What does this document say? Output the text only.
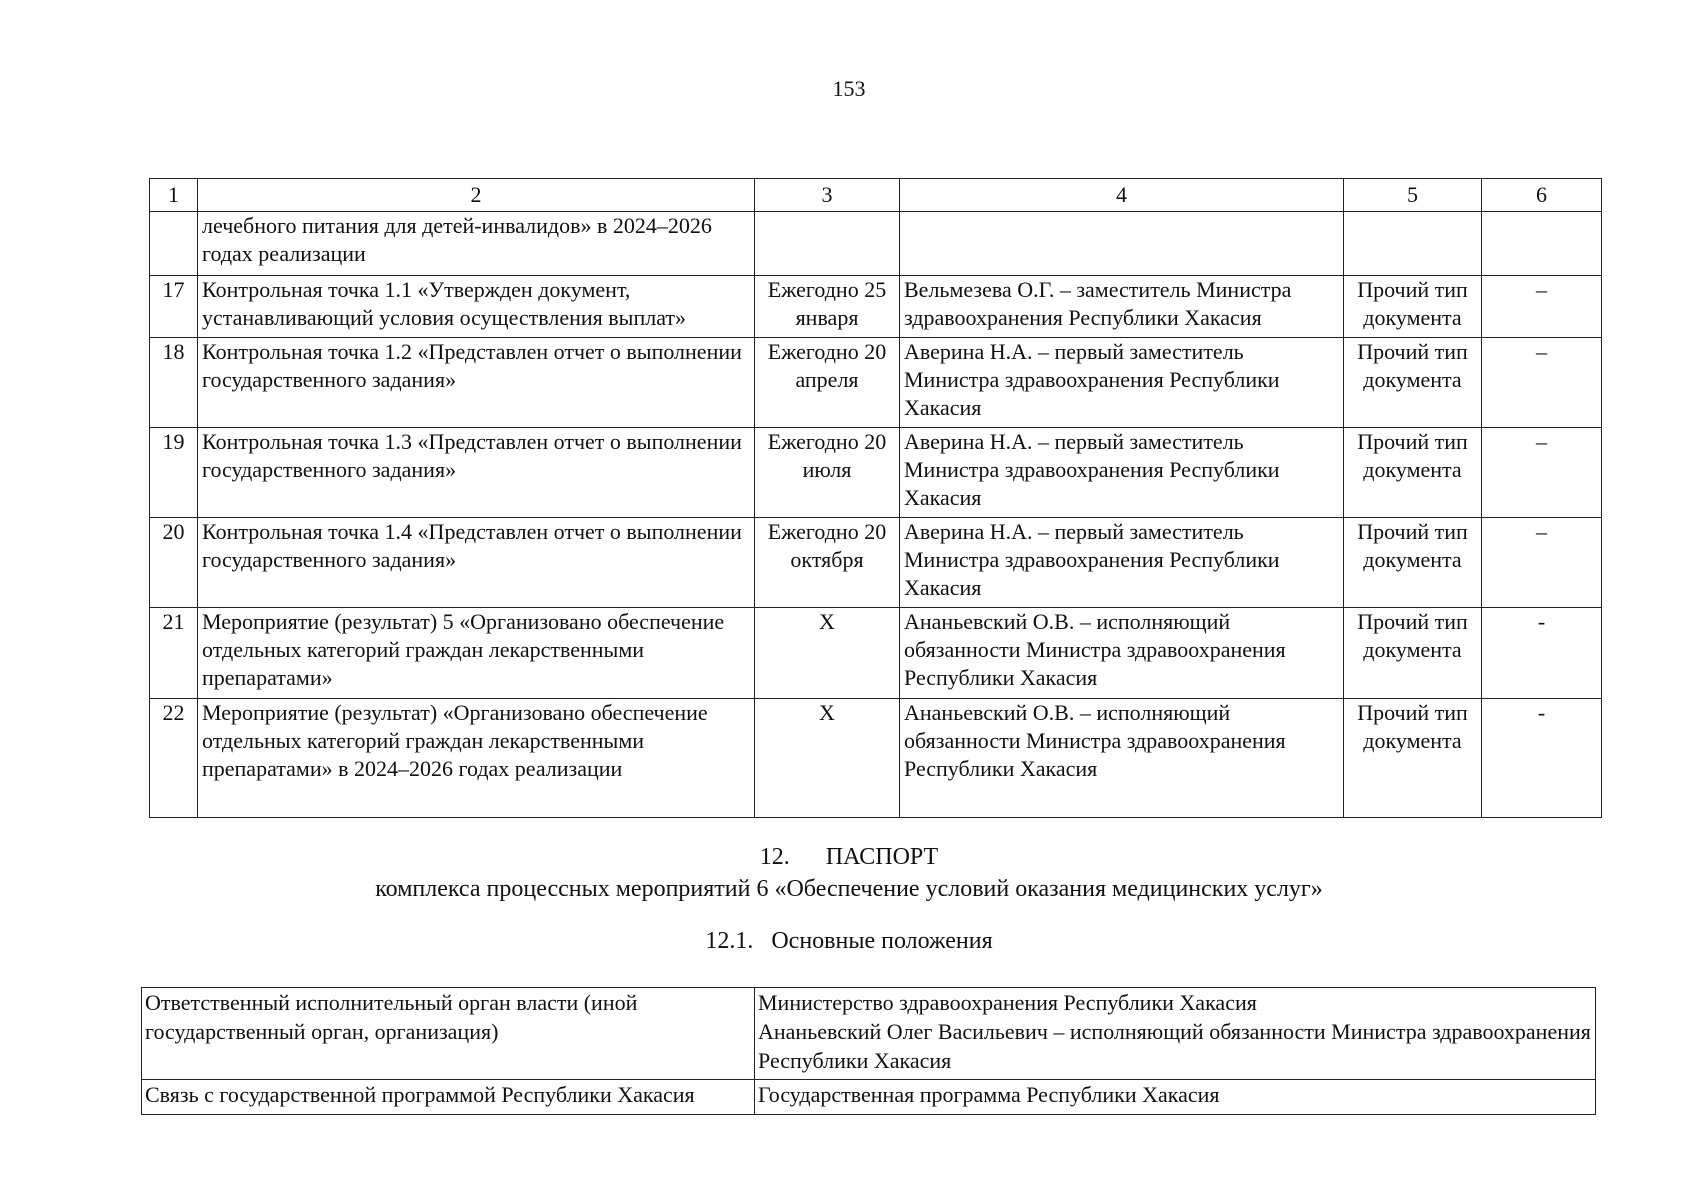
153
1	2	3	4	5	6
	лечебного питания для детей-инвалидов» в 2024–2026 годах реализации				
17	Контрольная точка 1.1 «Утвержден документ, устанавливающий условия осуществления выплат»	Ежегодно 25 января	Вельмезева О.Г. – заместитель Министра здравоохранения Республики Хакасия	Прочий тип документа	–
18	Контрольная точка 1.2 «Представлен отчет о выполнении государственного задания»	Ежегодно 20 апреля	Аверина Н.А. – первый заместитель Министра здравоохранения Республики Хакасия	Прочий тип документа	–
19	Контрольная точка 1.3 «Представлен отчет о выполнении государственного задания»	Ежегодно 20 июля	Аверина Н.А. – первый заместитель Министра здравоохранения Республики Хакасия	Прочий тип документа	–
20	Контрольная точка 1.4 «Представлен отчет о выполнении государственного задания»	Ежегодно 20 октября	Аверина Н.А. – первый заместитель Министра здравоохранения Республики Хакасия	Прочий тип документа	–
21	Мероприятие (результат) 5 «Организовано обеспечение отдельных категорий граждан лекарственными препаратами»	X	Ананьевский О.В. – исполняющий обязанности Министра здравоохранения Республики Хакасия	Прочий тип документа	-
22	Мероприятие (результат) «Организовано обеспечение отдельных категорий граждан лекарственными препаратами» в 2024–2026 годах реализации	X	Ананьевский О.В. – исполняющий обязанности Министра здравоохранения Республики Хакасия	Прочий тип документа	-
12. ПАСПОРТ
комплекса процессных мероприятий 6 «Обеспечение условий оказания медицинских услуг»
12.1. Основные положения
Ответственный исполнительный орган власти (иной государственный орган, организация)	Министерство здравоохранения Республики Хакасия
Ананьевский Олег Васильевич – исполняющий обязанности Министра здравоохранения Республики Хакасия

Связь с государственной программой Республики Хакасия	Государственная программа Республики Хакасия
